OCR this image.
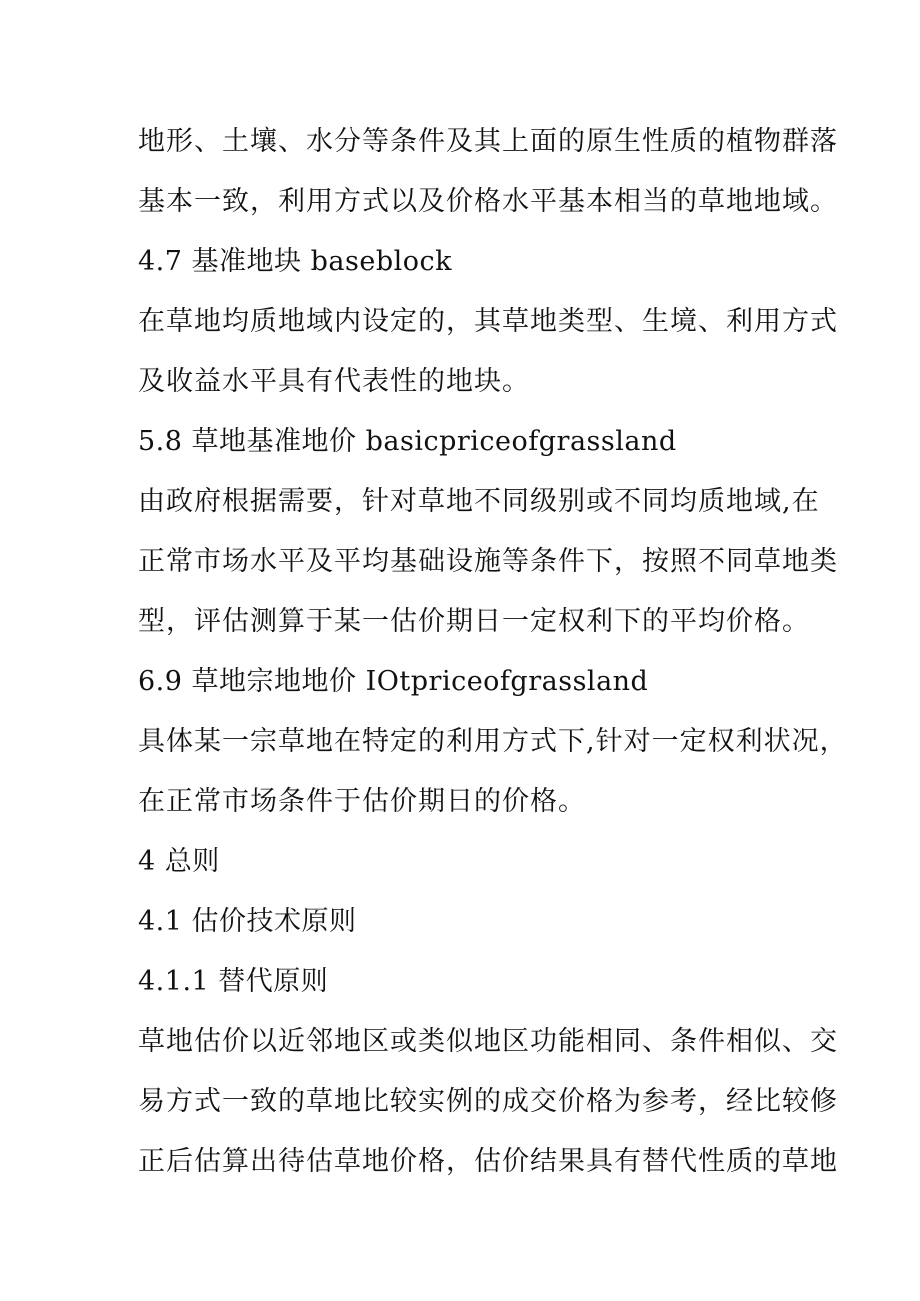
地形、土壤、水分等条件及其上面的原生性质的植物群落
基本一致，利用方式以及价格水平基本相当的草地地域。
4.7 基准地块 baseblock
在草地均质地域内设定的，其草地类型、生境、利用方式
及收益水平具有代表性的地块。
5.8 草地基准地价 basicpriceofgrassland
由政府根据需要，针对草地不同级别或不同均质地域,在
正常市场水平及平均基础设施等条件下，按照不同草地类
型，评估测算于某一估价期日一定权利下的平均价格。
6.9 草地宗地地价 IOtpriceofgrassland
具体某一宗草地在特定的利用方式下,针对一定权利状况，
在正常市场条件于估价期日的价格。
4 总则
4.1 估价技术原则
4.1.1 替代原则
草地估价以近邻地区或类似地区功能相同、条件相似、交
易方式一致的草地比较实例的成交价格为参考，经比较修
正后估算出待估草地价格，估价结果具有替代性质的草地
